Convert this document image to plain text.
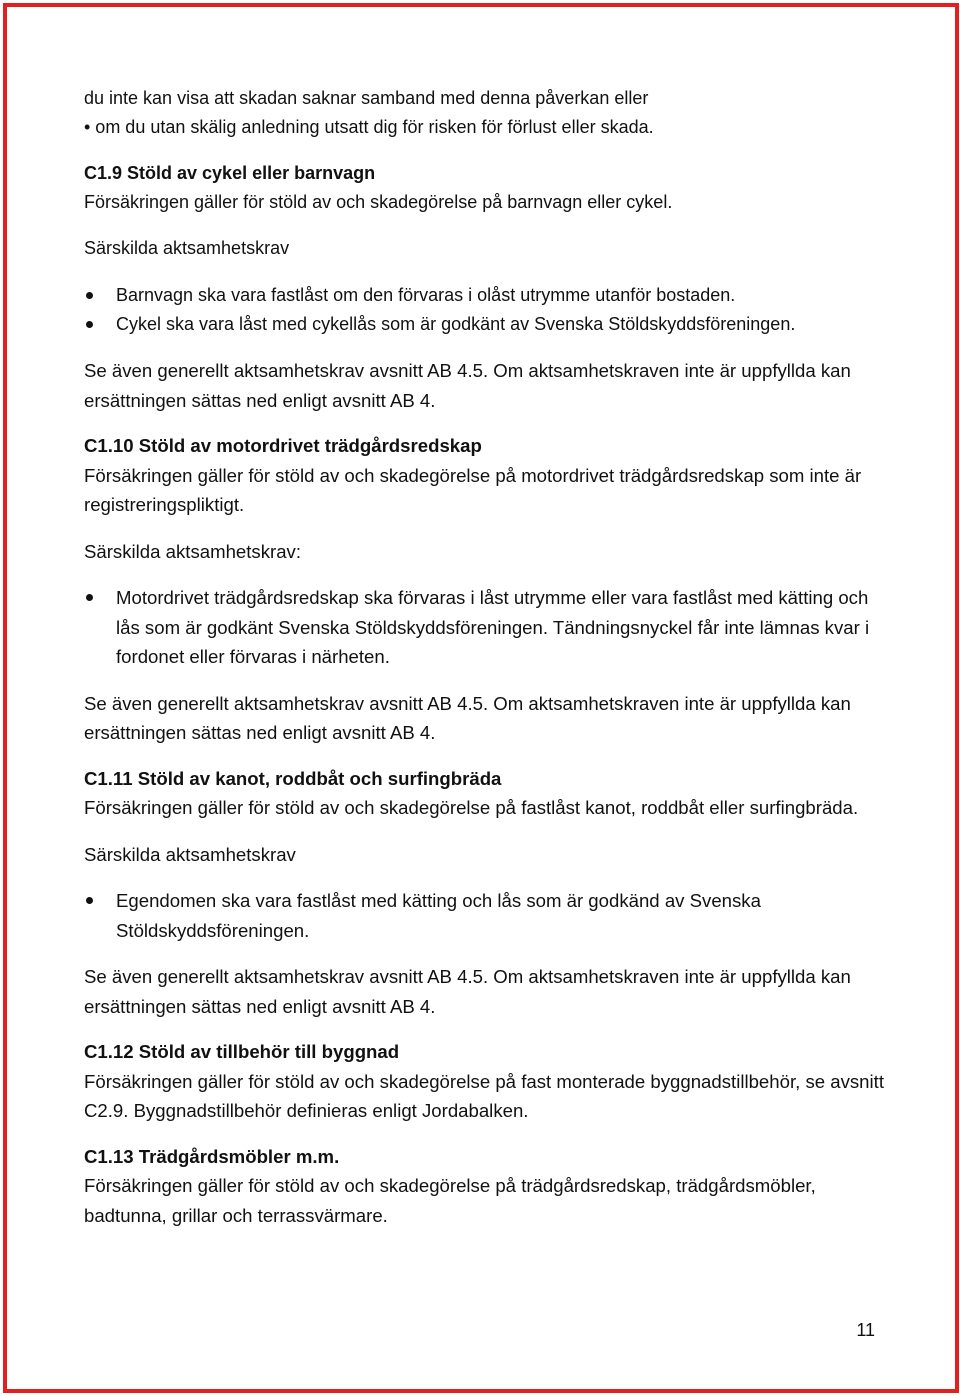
du inte kan visa att skadan saknar samband med denna påverkan eller

• om du utan skälig anledning utsatt dig för risken för förlust eller skada.

C1.9 Stöld av cykel eller barnvagn

Försäkringen gäller för stöld av och skadegörelse på barnvagn eller cykel.

Särskilda aktsamhetskrav

Barnvagn ska vara fastlåst om den förvaras i olåst utrymme utanför bostaden.
Cykel ska vara låst med cykellås som är godkänt av Svenska Stöldskyddsföreningen.

Se även generellt aktsamhetskrav avsnitt AB 4.5. Om aktsamhetskraven inte är uppfyllda kan ersättningen sättas ned enligt avsnitt AB 4.

C1.10 Stöld av motordrivet trädgårdsredskap

Försäkringen gäller för stöld av och skadegörelse på motordrivet trädgårdsredskap som inte är registreringspliktigt.

Särskilda aktsamhetskrav:

Motordrivet trädgårdsredskap ska förvaras i låst utrymme eller vara fastlåst med kätting och lås som är godkänt Svenska Stöldskyddsföreningen. Tändningsnyckel får inte lämnas kvar i fordonet eller förvaras i närheten.

Se även generellt aktsamhetskrav avsnitt AB 4.5. Om aktsamhetskraven inte är uppfyllda kan ersättningen sättas ned enligt avsnitt AB 4.

C1.11 Stöld av kanot, roddbåt och surfingbräda

Försäkringen gäller för stöld av och skadegörelse på fastlåst kanot, roddbåt eller surfingbräda.

Särskilda aktsamhetskrav

Egendomen ska vara fastlåst med kätting och lås som är godkänd av Svenska Stöldskyddsföreningen.

Se även generellt aktsamhetskrav avsnitt AB 4.5. Om aktsamhetskraven inte är uppfyllda kan ersättningen sättas ned enligt avsnitt AB 4.

C1.12 Stöld av tillbehör till byggnad

Försäkringen gäller för stöld av och skadegörelse på fast monterade byggnadstillbehör, se avsnitt C2.9. Byggnadstillbehör definieras enligt Jordabalken.

C1.13 Trädgårdsmöbler m.m.

Försäkringen gäller för stöld av och skadegörelse på trädgårdsredskap, trädgårdsmöbler, badtunna, grillar och terrassvärmare.

11
